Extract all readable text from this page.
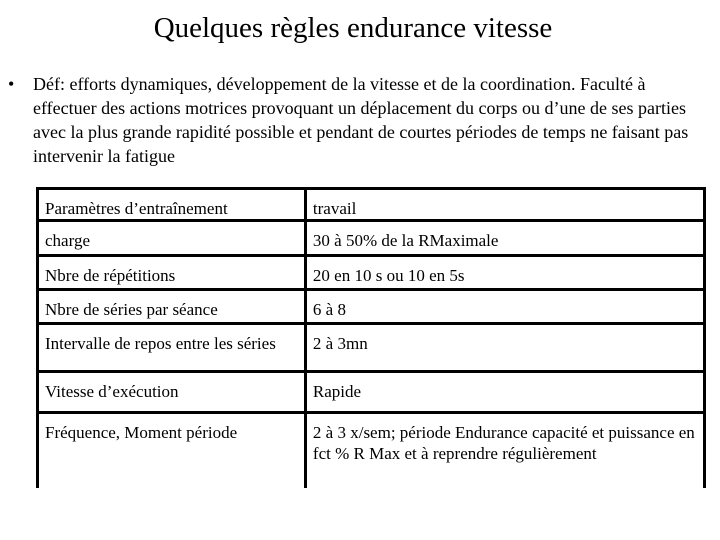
Quelques règles endurance vitesse
•	Déf: efforts dynamiques, développement de la vitesse et de la coordination. Faculté à effectuer des actions motrices provoquant un déplacement du corps ou d’une de ses parties avec la plus grande rapidité possible et pendant de courtes périodes de temps ne faisant pas intervenir la fatigue
Paramètres d’entraînement	travail
charge	30 à 50% de la RMaximale
Nbre de répétitions	20 en 10 s ou 10 en 5s
Nbre de séries par séance	6 à 8
Intervalle de repos entre les séries	2 à 3mn
Vitesse d’exécution	Rapide
Fréquence, Moment période	2 à 3 x/sem; période Endurance capacité et puissance en fct % R Max et à reprendre régulièrement
